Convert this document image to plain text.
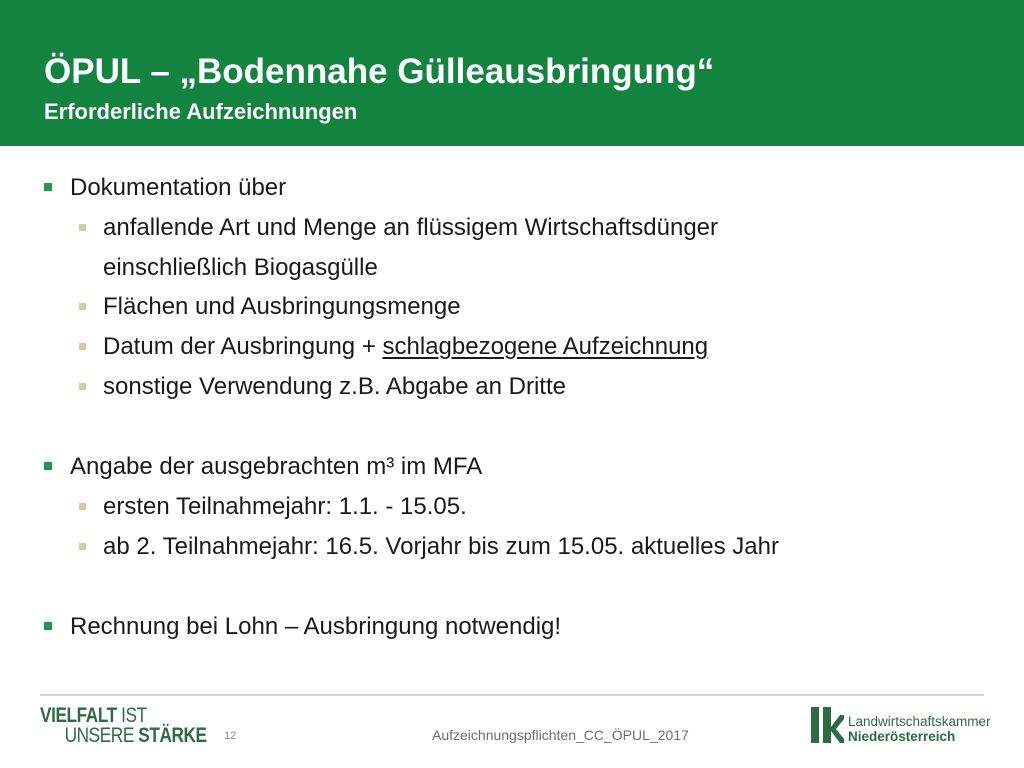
ÖPUL – „Bodennahe Gülleausbringung“
Erforderliche Aufzeichnungen
Dokumentation über
anfallende Art und Menge an flüssigem Wirtschaftsdünger
einschließlich Biogasgülle
Flächen und Ausbringungsmenge
Datum der Ausbringung + schlagbezogene Aufzeichnung
sonstige Verwendung z.B. Abgabe an Dritte
Angabe der ausgebrachten m³ im MFA
ersten Teilnahmejahr: 1.1. - 15.05.
ab 2. Teilnahmejahr: 16.5. Vorjahr bis zum 15.05. aktuelles Jahr
Rechnung bei Lohn – Ausbringung notwendig!
VIELFALT IST
UNSERE STÄRKE 12	Aufzeichnungspflichten_CC_ÖPUL_2017
Landwirtschaftskammer
Niederösterreich
